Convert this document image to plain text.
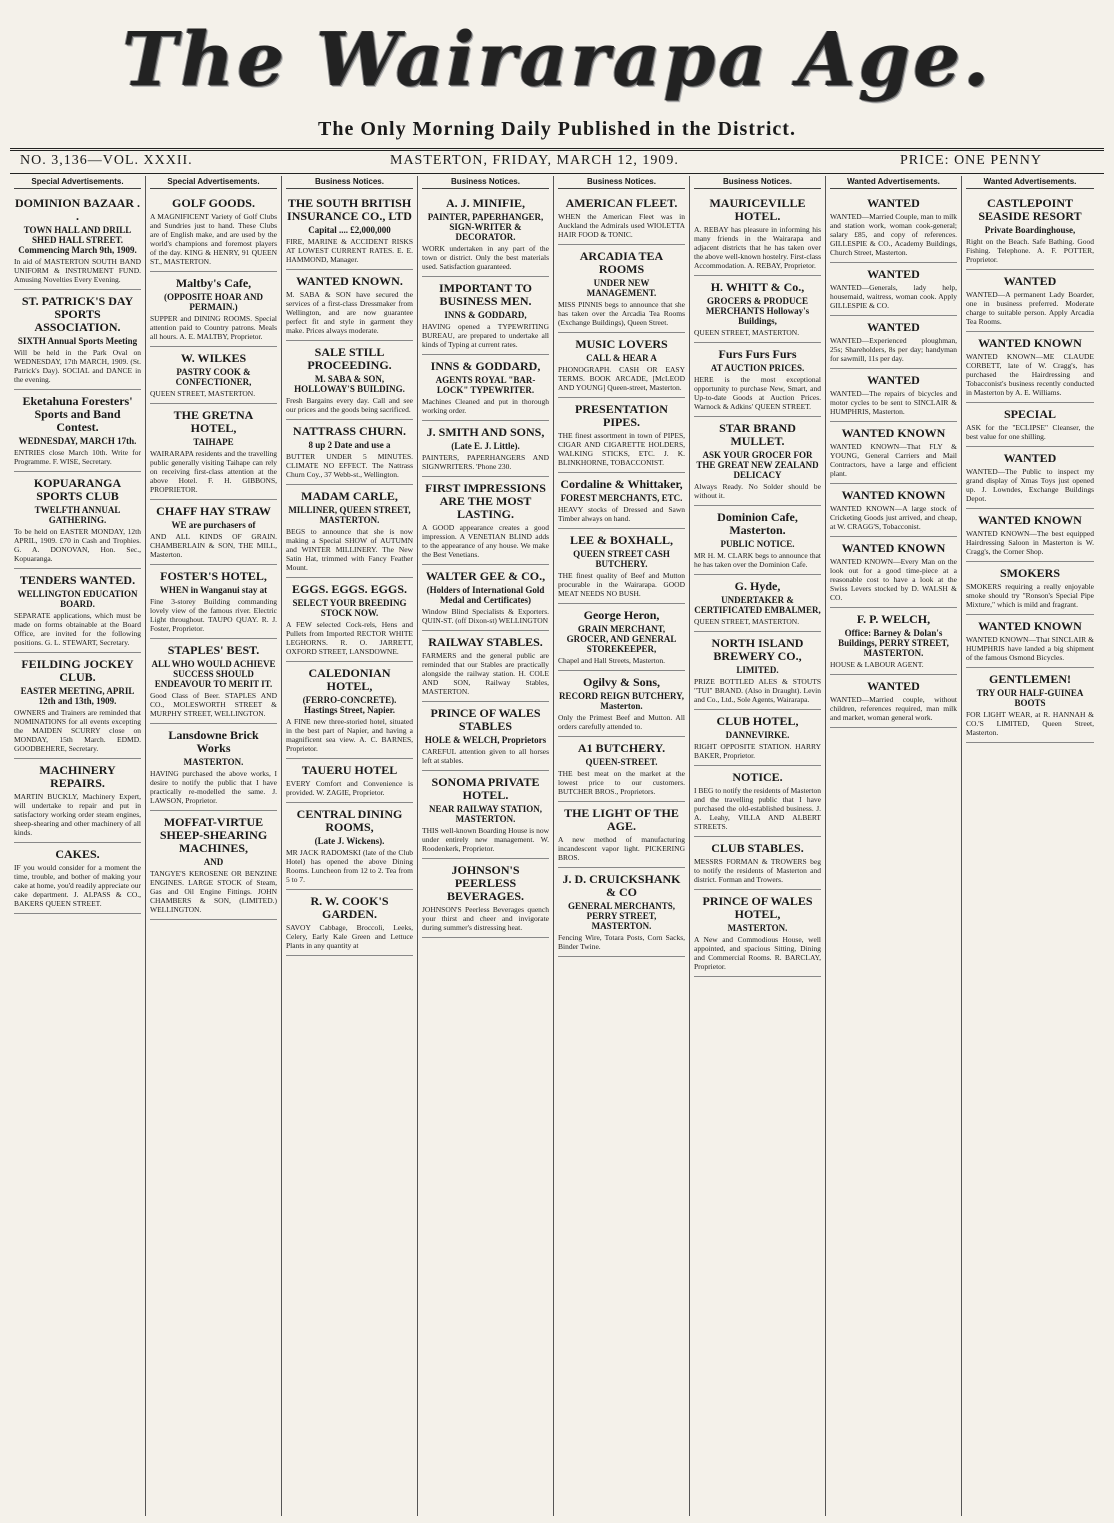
The Wairarapa Age.
The Only Morning Daily Published in the District.
NO. 3,136—VOL. XXXII.	MASTERTON, FRIDAY, MARCH 12, 1909.	PRICE: ONE PENNY
Special Advertisements.
DOMINION BAZAAR . .
TOWN HALL AND DRILL SHED HALL STREET. Commencing March 9th, 1909.

In aid of MASTERTON SOUTH BAND UNIFORM & INSTRUMENT FUND. Amusing Novelties Every Evening.

ST. PATRICK'S DAY SPORTS ASSOCIATION.
SIXTH Annual Sports Meeting

Will be held in the Park Oval on WEDNESDAY, 17th MARCH, 1909. (St. Patrick's Day). SOCIAL and DANCE in the evening.

Eketahuna Foresters' Sports and Band Contest.
WEDNESDAY, MARCH 17th.

ENTRIES close March 10th. Write for Programme. F. WISE, Secretary.

KOPUARANGA SPORTS CLUB
TWELFTH ANNUAL GATHERING.

To be held on EASTER MONDAY, 12th APRIL, 1909. £70 in Cash and Trophies. G. A. DONOVAN, Hon. Sec., Kopuaranga.

TENDERS WANTED.
WELLINGTON EDUCATION BOARD.

SEPARATE applications, which must be made on forms obtainable at the Board Office, are invited for the following positions. G. L. STEWART, Secretary.

FEILDING JOCKEY CLUB.
EASTER MEETING, APRIL 12th and 13th, 1909.

OWNERS and Trainers are reminded that NOMINATIONS for all events excepting the MAIDEN SCURRY close on MONDAY, 15th March. EDMD. GOODBEHERE, Secretary.

MACHINERY REPAIRS.

MARTIN BUCKLY, Machinery Expert, will undertake to repair and put in satisfactory working order steam engines, sheep-shearing and other machinery of all kinds.

CAKES.

IF you would consider for a moment the time, trouble, and bother of making your cake at home, you'd readily appreciate our cake department. J. ALPASS & CO., BAKERS QUEEN STREET.

Special Advertisements.
GOLF GOODS.

A MAGNIFICENT Variety of Golf Clubs and Sundries just to hand. These Clubs are of English make, and are used by the world's champions and foremost players of the day. KING & HENRY, 91 QUEEN ST., MASTERTON.

Maltby's Cafe,
(OPPOSITE HOAR AND PERMAIN.)

SUPPER and DINING ROOMS. Special attention paid to Country patrons. Meals all hours. A. E. MALTBY, Proprietor.

W. WILKES
PASTRY COOK & CONFECTIONER,

QUEEN STREET, MASTERTON.

THE GRETNA HOTEL,
TAIHAPE

WAIRARAPA residents and the travelling public generally visiting Taihape can rely on receiving first-class attention at the above Hotel. F. H. GIBBONS, PROPRIETOR.

CHAFF HAY STRAW
WE are purchasers of

AND ALL KINDS OF GRAIN. CHAMBERLAIN & SON, THE MILL, Masterton.

FOSTER'S HOTEL,
WHEN in Wanganui stay at

Fine 3-storey Building commanding lovely view of the famous river. Electric Light throughout. TAUPO QUAY. R. J. Foster, Proprietor.

STAPLES' BEST.
ALL WHO WOULD ACHIEVE SUCCESS SHOULD ENDEAVOUR TO MERIT IT.

Good Class of Beer. STAPLES AND CO., MOLESWORTH STREET & MURPHY STREET, WELLINGTON.

Lansdowne Brick Works
MASTERTON.

HAVING purchased the above works, I desire to notify the public that I have practically re-modelled the same. J. LAWSON, Proprietor.

MOFFAT-VIRTUE SHEEP-SHEARING MACHINES,
AND

TANGYE'S KEROSENE OR BENZINE ENGINES. LARGE STOCK of Steam, Gas and Oil Engine Fittings. JOHN CHAMBERS & SON, (LIMITED.) WELLINGTON.

Business Notices.
THE SOUTH BRITISH INSURANCE CO., LTD
Capital .... £2,000,000

FIRE, MARINE & ACCIDENT RISKS AT LOWEST CURRENT RATES. E. E. HAMMOND, Manager.

WANTED KNOWN.

M. SABA & SON have secured the services of a first-class Dressmaker from Wellington, and are now guarantee perfect fit and style in garment they make. Prices always moderate.

SALE STILL PROCEEDING.
M. SABA & SON, HOLLOWAY'S BUILDING.

Fresh Bargains every day. Call and see our prices and the goods being sacrificed.

NATTRASS CHURN.
8 up 2 Date and use a

BUTTER UNDER 5 MINUTES. CLIMATE NO EFFECT. The Nattrass Churn Coy., 37 Webb-st., Wellington.

MADAM CARLE,
MILLINER, QUEEN STREET, MASTERTON.

BEGS to announce that she is now making a Special SHOW of AUTUMN and WINTER MILLINERY. The New Satin Hat, trimmed with Fancy Feather Mount.

EGGS. EGGS. EGGS.
SELECT YOUR BREEDING STOCK NOW.

A FEW selected Cock-rels, Hens and Pullets from Imported RECTOR WHITE LEGHORNS. R. O. JARRETT, OXFORD STREET, LANSDOWNE.

CALEDONIAN HOTEL,
(FERRO-CONCRETE). Hastings Street, Napier.

A FINE new three-storied hotel, situated in the best part of Napier, and having a magnificent sea view. A. C. BARNES, Proprietor.

TAUERU HOTEL

EVERY Comfort and Convenience is provided. W. ZAGIE, Proprietor.

CENTRAL DINING ROOMS,
(Late J. Wickens).

MR JACK RADOMSKI (late of the Club Hotel) has opened the above Dining Rooms. Luncheon from 12 to 2. Tea from 5 to 7.

R. W. COOK'S GARDEN.

SAVOY Cabbage, Broccoli, Leeks, Celery, Early Kale Green and Lettuce Plants in any quantity at

Business Notices.
A. J. MINIFIE,
PAINTER, PAPERHANGER, SIGN-WRITER & DECORATOR.

WORK undertaken in any part of the town or district. Only the best materials used. Satisfaction guaranteed.

IMPORTANT TO BUSINESS MEN.
INNS & GODDARD,

HAVING opened a TYPEWRITING BUREAU, are prepared to undertake all kinds of Typing at current rates.

INNS & GODDARD,
AGENTS ROYAL "BAR-LOCK" TYPEWRITER.

Machines Cleaned and put in thorough working order.

J. SMITH AND SONS,
(Late E. J. Little).

PAINTERS, PAPERHANGERS AND SIGNWRITERS. 'Phone 230.

FIRST IMPRESSIONS ARE THE MOST LASTING.

A GOOD appearance creates a good impression. A VENETIAN BLIND adds to the appearance of any house. We make the Best Venetians.

WALTER GEE & CO.,
(Holders of International Gold Medal and Certificates)

Window Blind Specialists & Exporters. QUIN-ST. (off Dixon-st) WELLINGTON

RAILWAY STABLES.

FARMERS and the general public are reminded that our Stables are practically alongside the railway station. H. COLE AND SON, Railway Stables, MASTERTON.

PRINCE OF WALES STABLES
HOLE & WELCH, Proprietors

CAREFUL attention given to all horses left at stables.

SONOMA PRIVATE HOTEL.
NEAR RAILWAY STATION, MASTERTON.

THIS well-known Boarding House is now under entirely new management. W. Roodenkerk, Proprietor.

JOHNSON'S PEERLESS BEVERAGES.

JOHNSON'S Peerless Beverages quench your thirst and cheer and invigorate during summer's distressing heat.

Business Notices.
AMERICAN FLEET.

WHEN the American Fleet was in Auckland the Admirals used WIOLETTA HAIR FOOD & TONIC.

ARCADIA TEA ROOMS
UNDER NEW MANAGEMENT.

MISS PINNIS begs to announce that she has taken over the Arcadia Tea Rooms (Exchange Buildings), Queen Street.

MUSIC LOVERS
CALL & HEAR A

PHONOGRAPH. CASH OR EASY TERMS. BOOK ARCADE, [McLEOD AND YOUNG] Queen-street, Masterton.

PRESENTATION PIPES.

THE finest assortment in town of PIPES, CIGAR AND CIGARETTE HOLDERS, WALKING STICKS, ETC. J. K. BLINKHORNE, TOBACCONIST.

Cordaline & Whittaker,
FOREST MERCHANTS, ETC.

HEAVY stocks of Dressed and Sawn Timber always on hand.

LEE & BOXHALL,
QUEEN STREET CASH BUTCHERY.

THE finest quality of Beef and Mutton procurable in the Wairarapa. GOOD MEAT NEEDS NO BUSH.

George Heron,
GRAIN MERCHANT, GROCER, AND GENERAL STOREKEEPER,

Chapel and Hall Streets, Masterton.

Ogilvy & Sons,
RECORD REIGN BUTCHERY, Masterton.

Only the Primest Beef and Mutton. All orders carefully attended to.

A1 BUTCHERY.
QUEEN-STREET.

THE best meat on the market at the lowest price to our customers. BUTCHER BROS., Proprietors.

THE LIGHT OF THE AGE.

A new method of manufacturing incandescent vapor light. PICKERING BROS.

J. D. CRUICKSHANK & CO
GENERAL MERCHANTS, PERRY STREET, MASTERTON.

Fencing Wire, Totara Posts, Corn Sacks, Binder Twine.

Business Notices.
MAURICEVILLE HOTEL.

A. REBAY has pleasure in informing his many friends in the Wairarapa and adjacent districts that he has taken over the above well-known hostelry. First-class Accommodation. A. REBAY, Proprietor.

H. WHITT & Co.,
GROCERS & PRODUCE MERCHANTS Holloway's Buildings,

QUEEN STREET, MASTERTON.

Furs Furs Furs
AT AUCTION PRICES.

HERE is the most exceptional opportunity to purchase New, Smart, and Up-to-date Goods at Auction Prices. Warnock & Adkins' QUEEN STREET.

STAR BRAND MULLET.
ASK YOUR GROCER FOR THE GREAT NEW ZEALAND DELICACY

Always Ready. No Solder should be without it.

Dominion Cafe, Masterton.
PUBLIC NOTICE.

MR H. M. CLARK begs to announce that he has taken over the Dominion Cafe.

G. Hyde,
UNDERTAKER & CERTIFICATED EMBALMER,

QUEEN STREET, MASTERTON.

NORTH ISLAND BREWERY CO.,
LIMITED.

PRIZE BOTTLED ALES & STOUTS "TUI" BRAND. (Also in Draught). Levin and Co., Ltd., Sole Agents, Wairarapa.

CLUB HOTEL,
DANNEVIRKE.

RIGHT OPPOSITE STATION. HARRY BAKER, Proprietor.

NOTICE.

I BEG to notify the residents of Masterton and the travelling public that I have purchased the old-established business. J. A. Leahy, VILLA AND ALBERT STREETS.

CLUB STABLES.

MESSRS FORMAN & TROWERS beg to notify the residents of Masterton and district. Forman and Trowers.

PRINCE OF WALES HOTEL,
MASTERTON.

A New and Commodious House, well appointed, and spacious Sitting, Dining and Commercial Rooms. R. BARCLAY, Proprietor.

Wanted Advertisements.
WANTED

WANTED—Married Couple, man to milk and station work, woman cook-general; salary £85, and copy of references. GILLESPIE & CO., Academy Buildings, Church Street, Masterton.

WANTED

WANTED—Generals, lady help, housemaid, waitress, woman cook. Apply GILLESPIE & CO.

WANTED

WANTED—Experienced ploughman, 25s; Shareholders, 8s per day; handyman for sawmill, 11s per day.

WANTED

WANTED—The repairs of bicycles and motor cycles to be sent to SINCLAIR & HUMPHRIS, Masterton.

WANTED KNOWN

WANTED KNOWN—That FLY & YOUNG, General Carriers and Mail Contractors, have a large and efficient plant.

WANTED KNOWN

WANTED KNOWN—A large stock of Cricketing Goods just arrived, and cheap, at W. CRAGG'S, Tobacconist.

WANTED KNOWN

WANTED KNOWN—Every Man on the look out for a good time-piece at a reasonable cost to have a look at the Swiss Levers stocked by D. WALSH & CO.

F. P. WELCH,
Office: Barney & Dolan's Buildings, PERRY STREET, MASTERTON.

HOUSE & LABOUR AGENT.

WANTED

WANTED—Married couple, without children, references required, man milk and market, woman general work.

Wanted Advertisements.
CASTLEPOINT SEASIDE RESORT
Private Boardinghouse,

Right on the Beach. Safe Bathing. Good Fishing. Telephone. A. F. POTTER, Proprietor.

WANTED

WANTED—A permanent Lady Boarder, one in business preferred. Moderate charge to suitable person. Apply Arcadia Tea Rooms.

WANTED KNOWN

WANTED KNOWN—ME CLAUDE CORBETT, late of W. Cragg's, has purchased the Hairdressing and Tobacconist's business recently conducted in Masterton by A. E. Williams.

SPECIAL

ASK for the "ECLIPSE" Cleanser, the best value for one shilling.

WANTED

WANTED—The Public to inspect my grand display of Xmas Toys just opened up. J. Lowndes, Exchange Buildings Depot.

WANTED KNOWN

WANTED KNOWN—The best equipped Hairdressing Saloon in Masterton is W. Cragg's, the Corner Shop.

SMOKERS

SMOKERS requiring a really enjoyable smoke should try "Ronson's Special Pipe Mixture," which is mild and fragrant.

WANTED KNOWN

WANTED KNOWN—That SINCLAIR & HUMPHRIS have landed a big shipment of the famous Osmond Bicycles.

GENTLEMEN!
TRY OUR HALF-GUINEA BOOTS

FOR LIGHT WEAR, at R. HANNAH & CO.'S LIMITED, Queen Street, Masterton.
